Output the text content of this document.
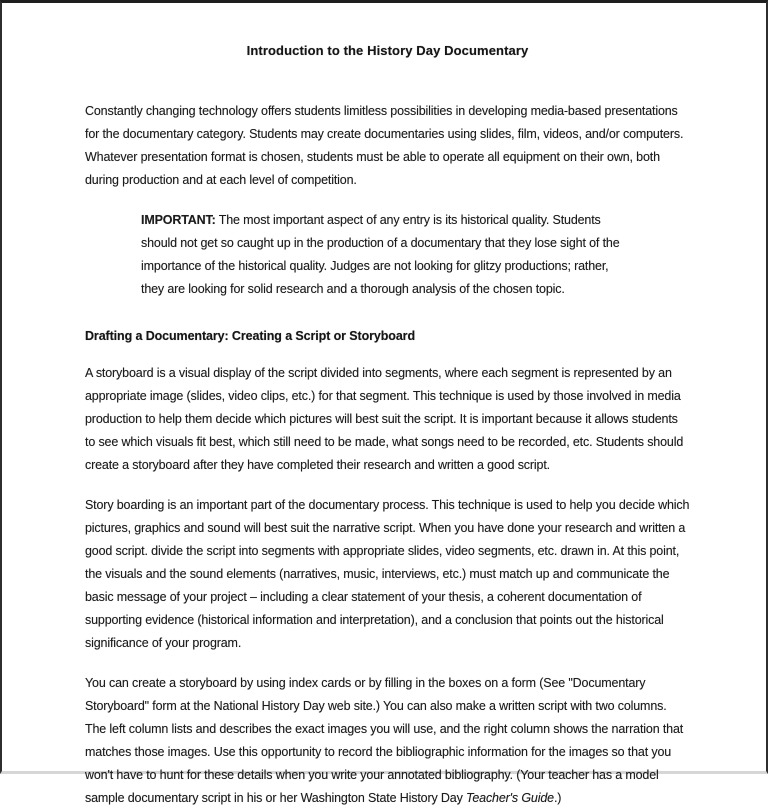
Introduction to the History Day Documentary

Constantly changing technology offers students limitless possibilities in developing media-based presentations for the documentary category. Students may create documentaries using slides, film, videos, and/or computers. Whatever presentation format is chosen, students must be able to operate all equipment on their own, both during production and at each level of competition.

IMPORTANT: The most important aspect of any entry is its historical quality. Students should not get so caught up in the production of a documentary that they lose sight of the importance of the historical quality. Judges are not looking for glitzy productions; rather, they are looking for solid research and a thorough analysis of the chosen topic.

Drafting a Documentary: Creating a Script or Storyboard

A storyboard is a visual display of the script divided into segments, where each segment is represented by an appropriate image (slides, video clips, etc.) for that segment. This technique is used by those involved in media production to help them decide which pictures will best suit the script. It is important because it allows students to see which visuals fit best, which still need to be made, what songs need to be recorded, etc. Students should create a storyboard after they have completed their research and written a good script.

Story boarding is an important part of the documentary process. This technique is used to help you decide which pictures, graphics and sound will best suit the narrative script. When you have done your research and written a good script. divide the script into segments with appropriate slides, video segments, etc. drawn in. At this point, the visuals and the sound elements (narratives, music, interviews, etc.) must match up and communicate the basic message of your project – including a clear statement of your thesis, a coherent documentation of supporting evidence (historical information and interpretation), and a conclusion that points out the historical significance of your program.

You can create a storyboard by using index cards or by filling in the boxes on a form (See "Documentary Storyboard" form at the National History Day web site.) You can also make a written script with two columns. The left column lists and describes the exact images you will use, and the right column shows the narration that matches those images. Use this opportunity to record the bibliographic information for the images so that you won't have to hunt for these details when you write your annotated bibliography. (Your teacher has a model sample documentary script in his or her Washington State History Day Teacher's Guide.)
